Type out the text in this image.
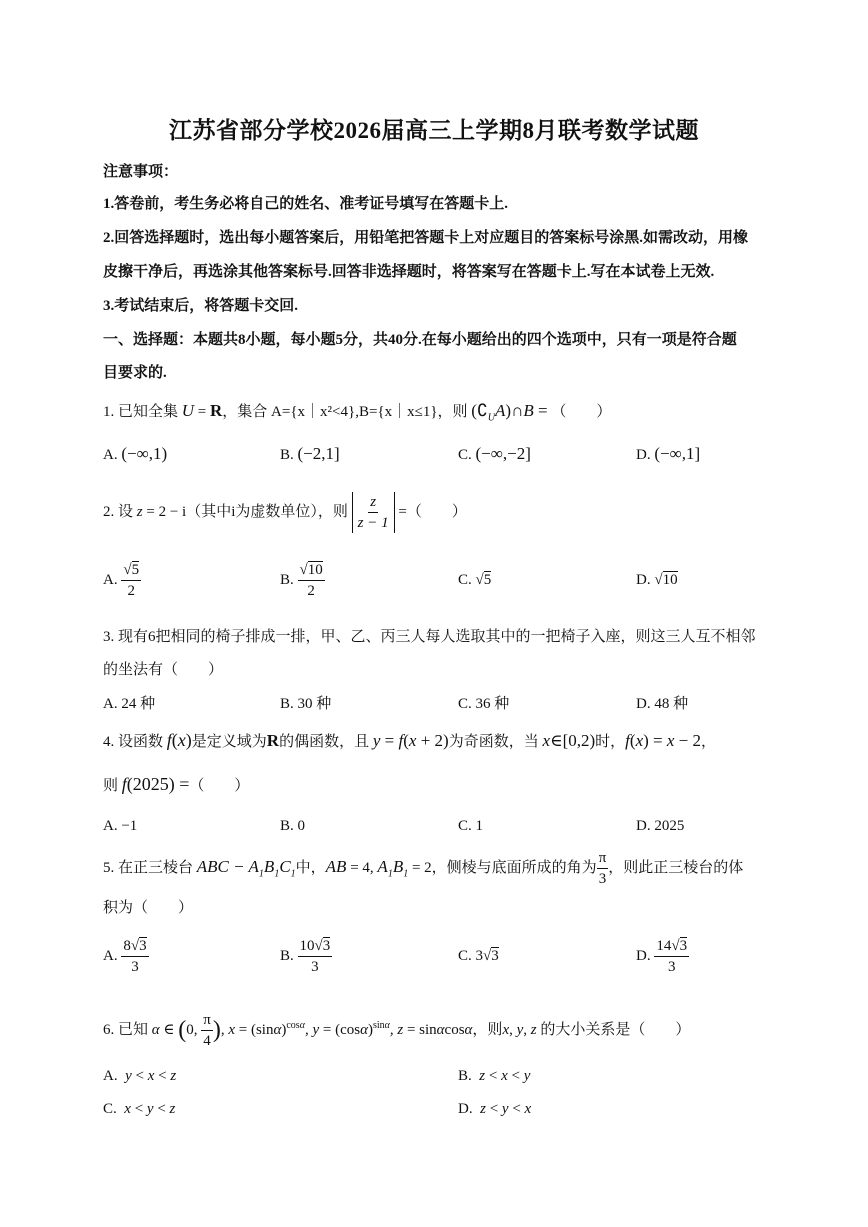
江苏省部分学校2026届高三上学期8月联考数学试题
注意事项：
1.答卷前，考生务必将自己的姓名、准考证号填写在答题卡上.
2.回答选择题时，选出每小题答案后，用铅笔把答题卡上对应题目的答案标号涂黑.如需改动，用橡
皮擦干净后，再选涂其他答案标号.回答非选择题时，将答案写在答题卡上.写在本试卷上无效.
3.考试结束后，将答题卡交回.
一、选择题：本题共8小题，每小题5分，共40分.在每小题给出的四个选项中，只有一项是符合题
目要求的.
1. 已知全集 U = R，集合 A={x｜x²<4},B={x｜x≤1}，则 $(∁_UA)\cap B$ = （　　）
A. (−∞,1)	B. (−2,1]	C. (−∞,−2]	D. (−∞,1]
2. 设 z = 2 − i（其中i为虚数单位），则 $\frac{z}{z - 1}$ =（　　）
A. $\frac{√5}{2}$	B. $\frac{√10}{2}$	C. √5	D. √10
3. 现有6把相同的椅子排成一排，甲、乙、丙三人每人选取其中的一把椅子入座，则这三人互不相邻
的坐法有（　　）
A. 24 种	B. 30 种	C. 36 种	D. 48 种
4. 设函数 f(x)是定义域为R的偶函数，且 y = f(x + 2)为奇函数，当 x∈[0,2)时，f(x) = x − 2，
则 f(2025) =（　　）
A. −1	B. 0	C. 1	D. 2025
5. 在正三棱台 ABC − $A_1B_1C_1$中，AB = 4, $A_1B_1 = 2$，侧棱与底面所成的角为 $\frac{\pi}{3}$ ，则此正三棱台的体
积为（　　）
A. $\frac{8√3}{3}$	B. $\frac{10√3}{3}$	C. 3√3	D. $\frac{14√3}{3}$
6. 已知 α ∈ (0, $\frac{\pi}{4}$ ), $x = (\sin\alpha)^{cos\alpha}$, $y = (\cos\alpha)^{sin\alpha}$, z = sinαcosα，则x, y, z 的大小关系是（　　）
A. y < x < z	B. z < x < y
C. x < y < z	D. z < y < x
